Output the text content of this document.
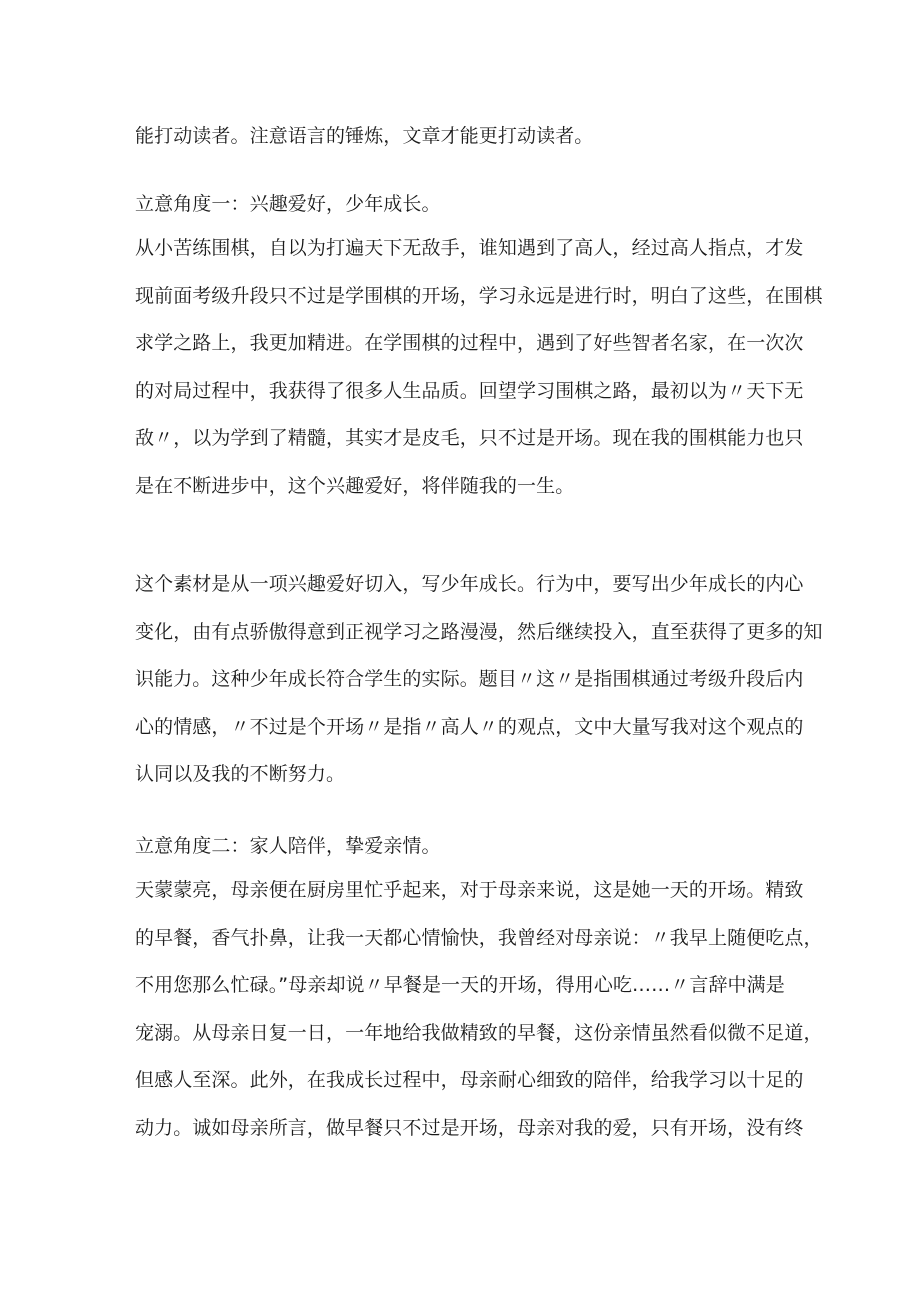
能打动读者。注意语言的锤炼，文章才能更打动读者。

立意角度一：兴趣爱好，少年成长。

从小苦练围棋，自以为打遍天下无敌手，谁知遇到了高人，经过高人指点，才发
现前面考级升段只不过是学围棋的开场，学习永远是进行时，明白了这些，在围棋
求学之路上，我更加精进。在学围棋的过程中，遇到了好些智者名家，在一次次
的对局过程中，我获得了很多人生品质。回望学习围棋之路，最初以为〃天下无
敌〃，以为学到了精髓，其实才是皮毛，只不过是开场。现在我的围棋能力也只
是在不断进步中，这个兴趣爱好，将伴随我的一生。

这个素材是从一项兴趣爱好切入，写少年成长。行为中，要写出少年成长的内心
变化，由有点骄傲得意到正视学习之路漫漫，然后继续投入，直至获得了更多的知
识能力。这种少年成长符合学生的实际。题目〃这〃是指围棋通过考级升段后内
心的情感，〃不过是个开场〃是指〃高人〃的观点，文中大量写我对这个观点的
认同以及我的不断努力。

立意角度二：家人陪伴，挚爱亲情。

天蒙蒙亮，母亲便在厨房里忙乎起来，对于母亲来说，这是她一天的开场。精致
的早餐，香气扑鼻，让我一天都心情愉快，我曾经对母亲说：〃我早上随便吃点，
不用您那么忙碌。”母亲却说〃早餐是一天的开场，得用心吃……〃言辞中满是
宠溺。从母亲日复一日，一年地给我做精致的早餐，这份亲情虽然看似微不足道，
但感人至深。此外，在我成长过程中，母亲耐心细致的陪伴，给我学习以十足的
动力。诚如母亲所言，做早餐只不过是开场，母亲对我的爱，只有开场，没有终
